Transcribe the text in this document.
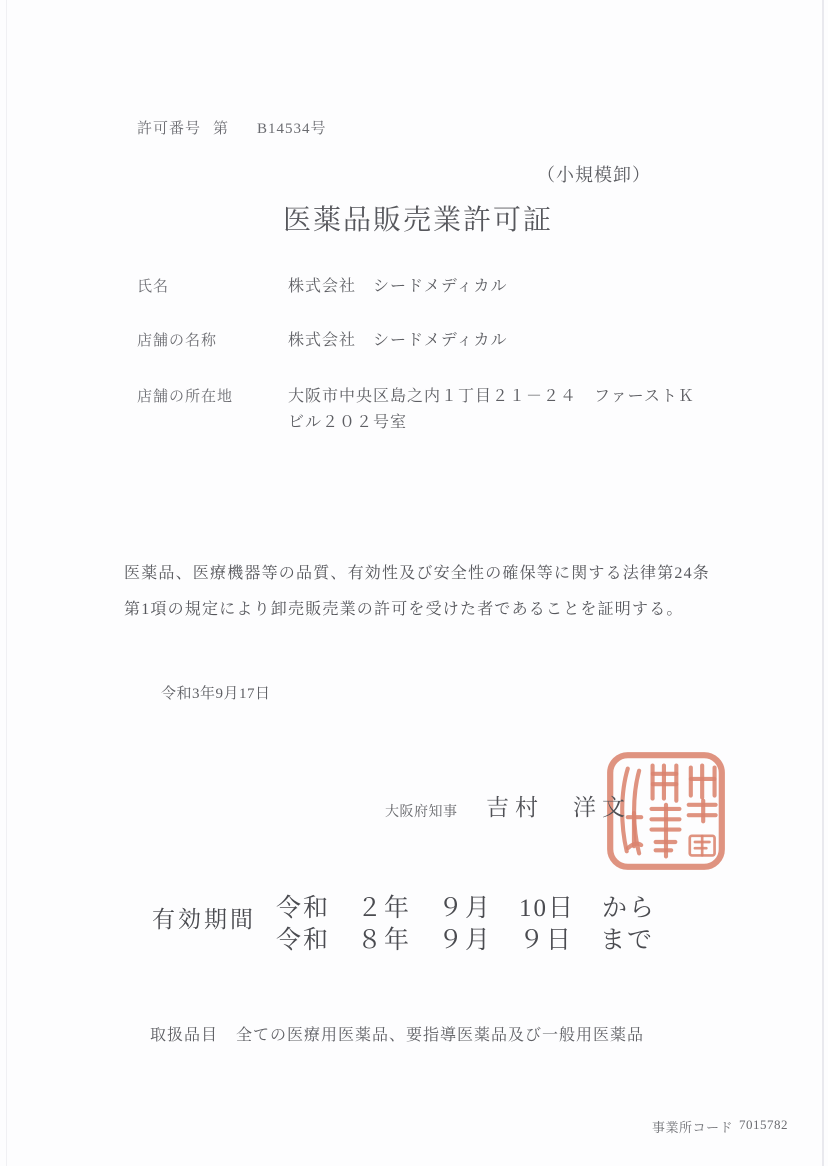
許可番号 第 B14534号
（小規模卸）
医薬品販売業許可証
氏名	株式会社　シードメディカル
店舗の名称	株式会社　シードメディカル
店舗の所在地	大阪市中央区島之内１丁目２１－２４　ファーストＫ
ビル２０２号室
医薬品、医療機器等の品質、有効性及び安全性の確保等に関する法律第24条
第1項の規定により卸売販売業の許可を受けた者であることを証明する。
令和3年9月17日
大阪府知事 吉村　洋文
有効期間 令和　２年　９月　10日　から
令和　８年　９月　９日　まで
取扱品目 全ての医療用医薬品、要指導医薬品及び一般用医薬品
事業所コード 7015782
